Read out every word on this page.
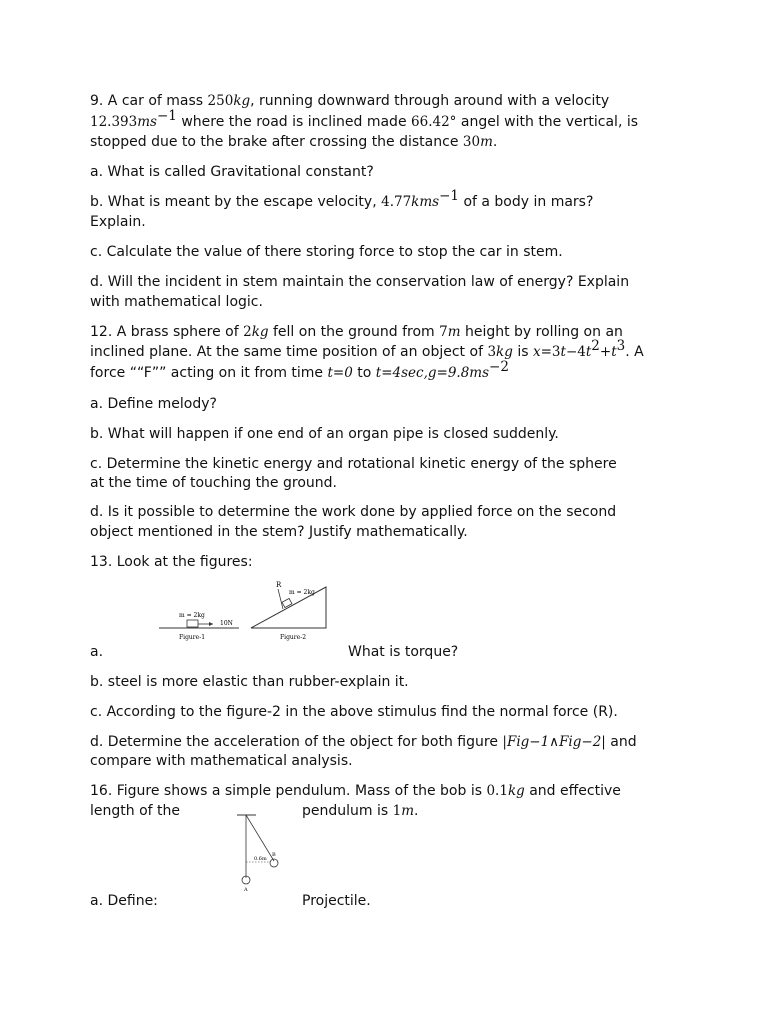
9. A car of mass 250kg, running downward through around with a velocity
$12.393ms^{-1}$ where the road is inclined made 66.42° angel with the vertical, is
stopped due to the brake after crossing the distance 30m.
a. What is called Gravitational constant?
b. What is meant by the escape velocity, 4.77kms$^{-1}$ of a body in mars?
Explain.
c. Calculate the value of there storing force to stop the car in stem.
d. Will the incident in stem maintain the conservation law of energy? Explain
with mathematical logic.
12. A brass sphere of 2kg fell on the ground from 7m height by rolling on an
inclined plane. At the same time position of an object of 3kg is $x=3t-4t^2+t^3$. A
force ““F”” acting on it from time t=0 to $t=4\sec,g=9.8ms^{-2}$
a. Define melody?
b. What will happen if one end of an organ pipe is closed suddenly.
c. Determine the kinetic energy and rotational kinetic energy of the sphere
at the time of touching the ground.
d. Is it possible to determine the work done by applied force on the second
object mentioned in the stem? Justify mathematically.
13. Look at the figures:
a.	What is torque?
b. steel is more elastic than rubber-explain it.
c. According to the figure-2 in the above stimulus find the normal force (R).
d. Determine the acceleration of the object for both figure |Fig−1∧Fig−2| and
compare with mathematical analysis.
16. Figure shows a simple pendulum. Mass of the bob is 0.1kg and effective
length of the	pendulum is 1m.
a. Define:	Projectile.
m = 2kg
10N
Figure-1
R
m = 2kg
Figure-2
0.6m
B
A
